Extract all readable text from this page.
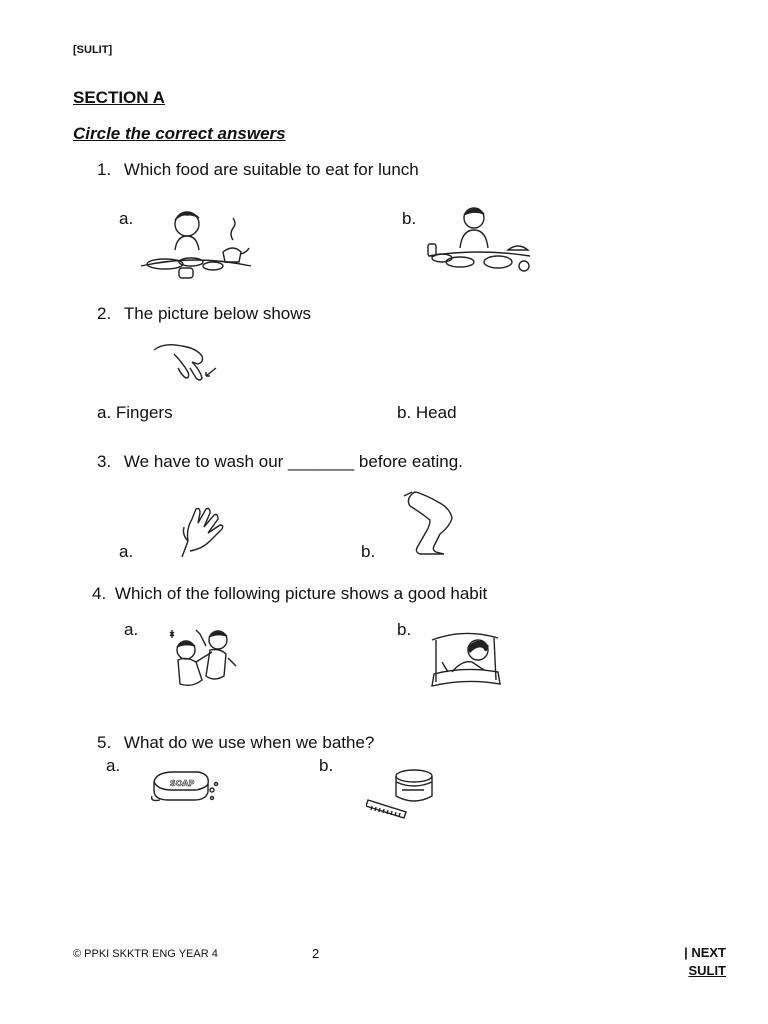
[SULIT]
SECTION A
Circle the correct answers
1. Which food are suitable to eat for lunch
a.	b.
2. The picture below shows
a. Fingers	b. Head
3. We have to wash our _______ before eating.
a.	b.
4. Which of the following picture shows a good habit
a.	b.
5. What do we use when we bathe?
a.
SOAP
b.
© PPKI SKKTR ENG YEAR 4	2	| NEXT
SULIT
